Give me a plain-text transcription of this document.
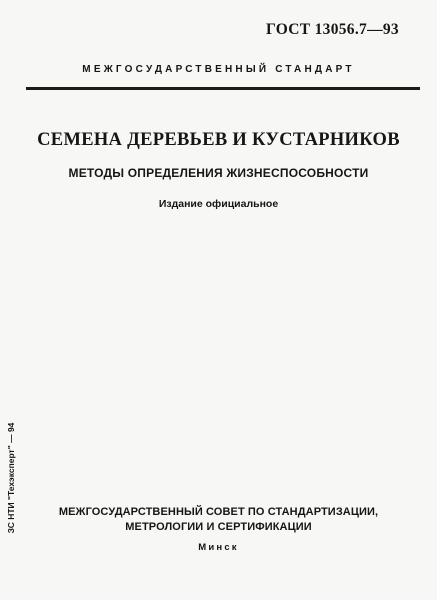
ГОСТ 13056.7—93
МЕЖГОСУДАРСТВЕННЫЙ СТАНДАРТ
СЕМЕНА ДЕРЕВЬЕВ И КУСТАРНИКОВ
МЕТОДЫ ОПРЕДЕЛЕНИЯ ЖИЗНЕСПОСОБНОСТИ
Издание официальное
ЗС НТИ "Техэксперт" — 94	МЕЖГОСУДАРСТВЕННЫЙ СОВЕТ ПО СТАНДАРТИЗАЦИИ,
МЕТРОЛОГИИ И СЕРТИФИКАЦИИ
Минск
